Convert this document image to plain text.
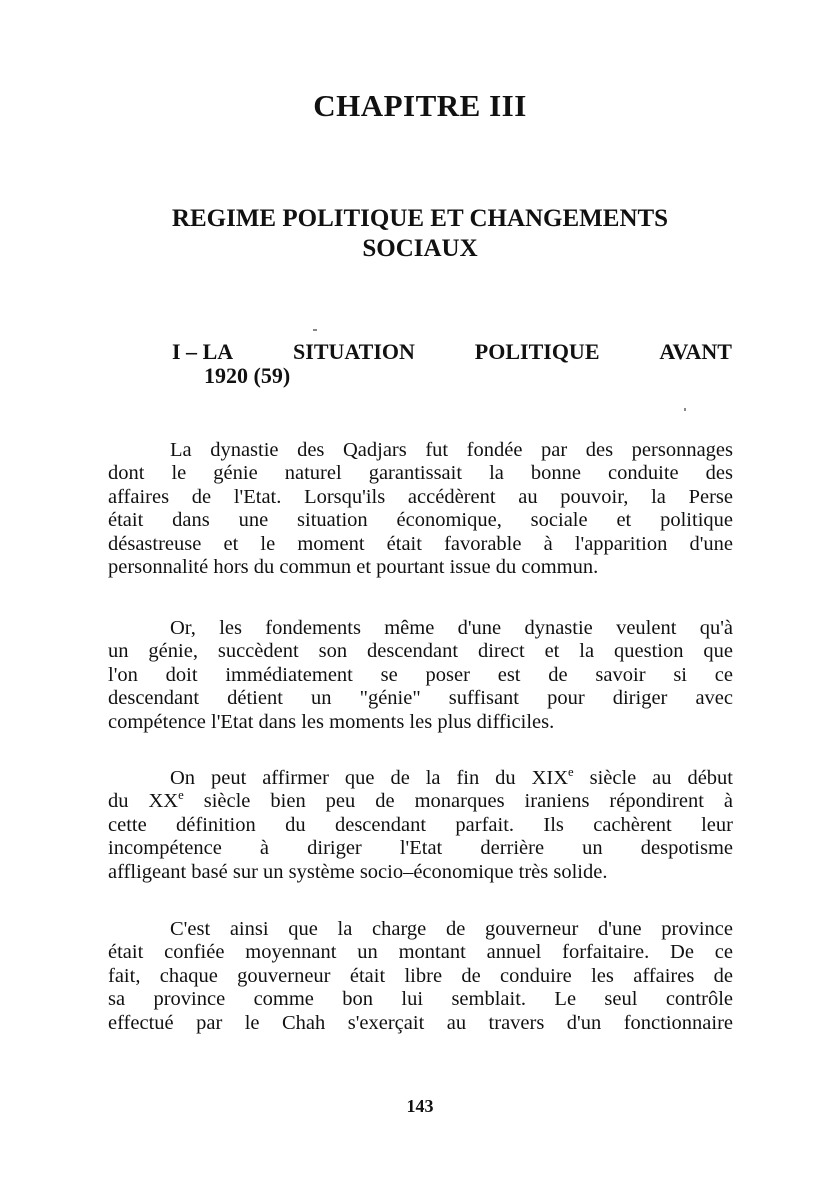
CHAPITRE III
REGIME POLITIQUE ET CHANGEMENTS
SOCIAUX
I – LA	SITUATION	POLITIQUE	AVANT
1920 (59)

La dynastie des Qadjars fut fondée par des personnages
dont le génie naturel garantissait la bonne conduite des
affaires de l'Etat. Lorsqu'ils accédèrent au pouvoir, la Perse
était dans une situation économique, sociale et politique
désastreuse et le moment était favorable à l'apparition d'une
personnalité hors du commun et pourtant issue du commun.

Or, les fondements même d'une dynastie veulent qu'à
un génie, succèdent son descendant direct et la question que
l'on doit immédiatement se poser est de savoir si ce
descendant détient un "génie" suffisant pour diriger avec
compétence l'Etat dans les moments les plus difficiles.

On peut affirmer que de la fin du XIXe siècle au début
du XXe siècle bien peu de monarques iraniens répondirent à
cette définition du descendant parfait. Ils cachèrent leur
incompétence à diriger l'Etat derrière un despotisme
affligeant basé sur un système socio–économique très solide.

C'est ainsi que la charge de gouverneur d'une province
était confiée moyennant un montant annuel forfaitaire. De ce
fait, chaque gouverneur était libre de conduire les affaires de
sa province comme bon lui semblait. Le seul contrôle
effectué par le Chah s'exerçait au travers d'un fonctionnaire

143
